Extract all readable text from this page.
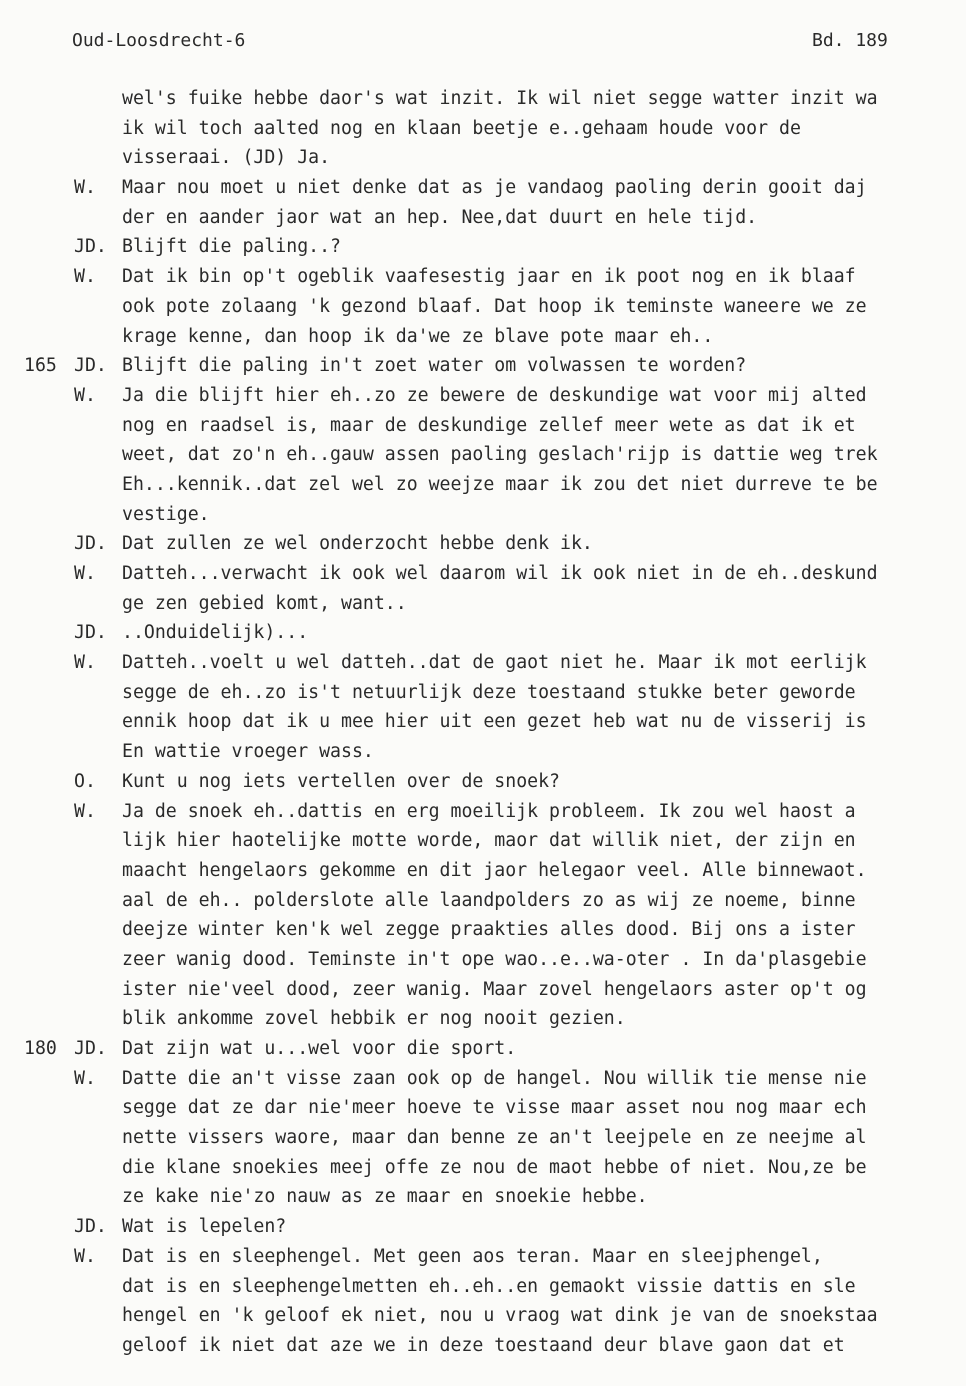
Oud-Loosdrecht-6	Bd. 189
wel's fuike hebbe daor's wat inzit. Ik wil niet segge watter inzit wa
ik wil toch aalted nog en klaan beetje e..gehaam houde voor de
visseraai. (JD) Ja.
W.	Maar nou moet u niet denke dat as je vandaog paoling derin gooit daj
der en aander jaor wat an hep. Nee,dat duurt en hele tijd.
JD. Blijft die paling..?
W.	Dat ik bin op't ogeblik vaafesestig jaar en ik poot nog en ik blaaf
ook pote zolaang 'k gezond blaaf. Dat hoop ik teminste waneere we ze
krage kenne, dan hoop ik da'we ze blave pote maar eh..
165 JD. Blijft die paling in't zoet water om volwassen te worden?
W.	Ja die blijft hier eh..zo ze bewere de deskundige wat voor mij alted
nog en raadsel is, maar de deskundige zellef meer wete as dat ik et
weet, dat zo'n eh..gauw assen paoling geslach'rijp is dattie weg trek
Eh...kennik..dat zel wel zo weejze maar ik zou det niet durreve te be
vestige.
JD. Dat zullen ze wel onderzocht hebbe denk ik.
W.	Datteh...verwacht ik ook wel daarom wil ik ook niet in de eh..deskund
ge zen gebied komt, want..
JD. ..Onduidelijk)...
W.	Datteh..voelt u wel datteh..dat de gaot niet he. Maar ik mot eerlijk
segge de eh..zo is't netuurlijk deze toestaand stukke beter geworde
ennik hoop dat ik u mee hier uit een gezet heb wat nu de visserij is
En wattie vroeger wass.
O.	Kunt u nog iets vertellen over de snoek?
W.	Ja de snoek eh..dattis en erg moeilijk probleem. Ik zou wel haost a
lijk hier haotelijke motte worde, maor dat willik niet, der zijn en
maacht hengelaors gekomme en dit jaor helegaor veel. Alle binnewaot.
aal de eh.. polderslote alle laandpolders zo as wij ze noeme, binne
deejze winter ken'k wel zegge praakties alles dood. Bij ons a ister
zeer wanig dood. Teminste in't ope wao..e..wa-oter . In da'plasgebie
ister nie'veel dood, zeer wanig. Maar zovel hengelaors aster op't og
blik ankomme zovel hebbik er nog nooit gezien.
180 JD. Dat zijn wat u...wel voor die sport.
W.	Datte die an't visse zaan ook op de hangel. Nou willik tie mense nie
segge dat ze dar nie'meer hoeve te visse maar asset nou nog maar ech
nette vissers waore, maar dan benne ze an't leejpele en ze neejme al
die klane snoekies meej offe ze nou de maot hebbe of niet. Nou,ze be
ze kake nie'zo nauw as ze maar en snoekie hebbe.
JD. Wat is lepelen?
W.	Dat is en sleephengel. Met geen aos teran. Maar en sleejphengel,
dat is en sleephengelmetten eh..eh..en gemaokt vissie dattis en sle
hengel en 'k geloof ek niet, nou u vraog wat dink je van de snoekstaa
geloof ik niet dat aze we in deze toestaand deur blave gaon dat et
